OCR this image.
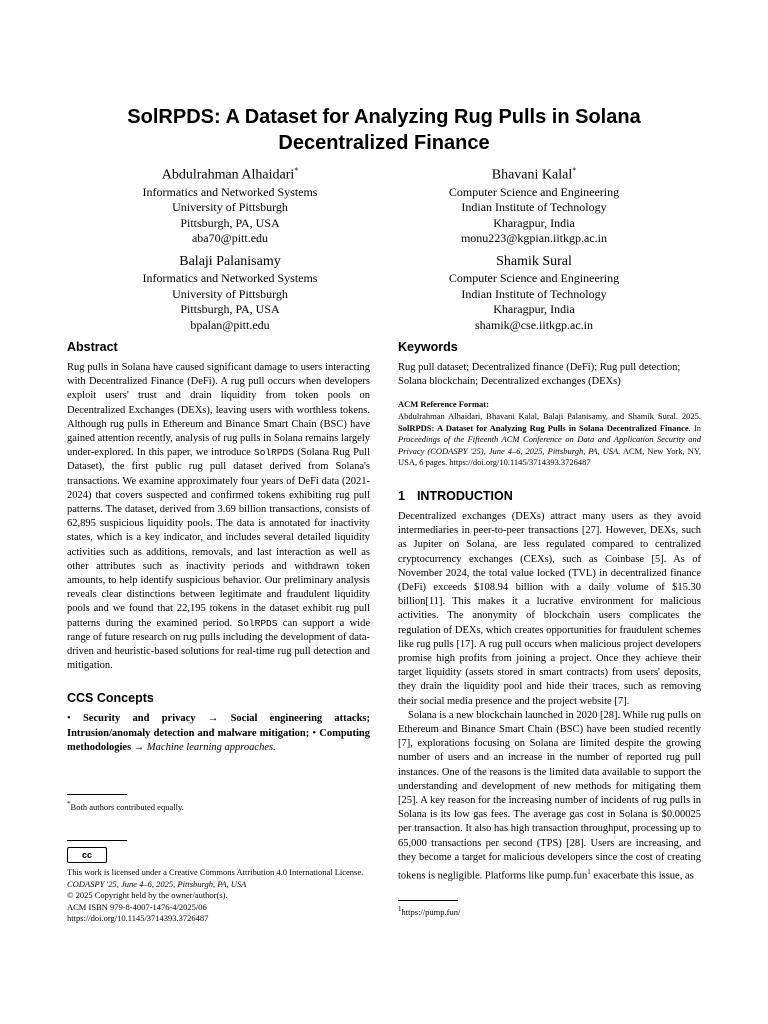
SolRPDS: A Dataset for Analyzing Rug Pulls in Solana Decentralized Finance
Abdulrahman Alhaidari*
Informatics and Networked Systems
University of Pittsburgh
Pittsburgh, PA, USA
aba70@pitt.edu
Bhavani Kalal*
Computer Science and Engineering
Indian Institute of Technology
Kharagpur, India
monu223@kgpian.iitkgp.ac.in
Balaji Palanisamy
Informatics and Networked Systems
University of Pittsburgh
Pittsburgh, PA, USA
bpalan@pitt.edu
Shamik Sural
Computer Science and Engineering
Indian Institute of Technology
Kharagpur, India
shamik@cse.iitkgp.ac.in
Abstract

Rug pulls in Solana have caused significant damage to users interacting with Decentralized Finance (DeFi). A rug pull occurs when developers exploit users' trust and drain liquidity from token pools on Decentralized Exchanges (DEXs), leaving users with worthless tokens. Although rug pulls in Ethereum and Binance Smart Chain (BSC) have gained attention recently, analysis of rug pulls in Solana remains largely under-explored. In this paper, we introduce SolRPDS (Solana Rug Pull Dataset), the first public rug pull dataset derived from Solana's transactions. We examine approximately four years of DeFi data (2021-2024) that covers suspected and confirmed tokens exhibiting rug pull patterns. The dataset, derived from 3.69 billion transactions, consists of 62,895 suspicious liquidity pools. The data is annotated for inactivity states, which is a key indicator, and includes several detailed liquidity activities such as additions, removals, and last interaction as well as other attributes such as inactivity periods and withdrawn token amounts, to help identify suspicious behavior. Our preliminary analysis reveals clear distinctions between legitimate and fraudulent liquidity pools and we found that 22,195 tokens in the dataset exhibit rug pull patterns during the examined period. SolRPDS can support a wide range of future research on rug pulls including the development of data-driven and heuristic-based solutions for real-time rug pull detection and mitigation.

CCS Concepts

• Security and privacy → Social engineering attacks; Intrusion/anomaly detection and malware mitigation; • Computing methodologies → Machine learning approaches.

*Both authors contributed equally.

cc

This work is licensed under a Creative Commons Attribution 4.0 International License.
CODASPY '25, June 4–6, 2025, Pittsburgh, PA, USA
© 2025 Copyright held by the owner/author(s).
ACM ISBN 979-8-4007-1476-4/2025/06
https://doi.org/10.1145/3714393.3726487

Keywords

Rug pull dataset; Decentralized finance (DeFi); Rug pull detection; Solana blockchain; Decentralized exchanges (DEXs)

ACM Reference Format:

Abdulrahman Alhaidari, Bhavani Kalal, Balaji Palanisamy, and Shamik Sural. 2025. SolRPDS: A Dataset for Analyzing Rug Pulls in Solana Decentralized Finance. In Proceedings of the Fifteenth ACM Conference on Data and Application Security and Privacy (CODASPY '25), June 4–6, 2025, Pittsburgh, PA, USA. ACM, New York, NY, USA, 6 pages. https://doi.org/10.1145/3714393.3726487

1 INTRODUCTION

Decentralized exchanges (DEXs) attract many users as they avoid intermediaries in peer-to-peer transactions [27]. However, DEXs, such as Jupiter on Solana, are less regulated compared to centralized cryptocurrency exchanges (CEXs), such as Coinbase [5]. As of November 2024, the total value locked (TVL) in decentralized finance (DeFi) exceeds $108.94 billion with a daily volume of $15.30 billion[11]. This makes it a lucrative environment for malicious activities. The anonymity of blockchain users complicates the regulation of DEXs, which creates opportunities for fraudulent schemes like rug pulls [17]. A rug pull occurs when malicious project developers promise high profits from joining a project. Once they achieve their target liquidity (assets stored in smart contracts) from users' deposits, they drain the liquidity pool and hide their traces, such as removing their social media presence and the project website [7].

Solana is a new blockchain launched in 2020 [28]. While rug pulls on Ethereum and Binance Smart Chain (BSC) have been studied recently [7], explorations focusing on Solana are limited despite the growing number of users and an increase in the number of reported rug pull instances. One of the reasons is the limited data available to support the understanding and development of new methods for mitigating them [25]. A key reason for the increasing number of incidents of rug pulls in Solana is its low gas fees. The average gas cost in Solana is $0.00025 per transaction. It also has high transaction throughput, processing up to 65,000 transactions per second (TPS) [28]. Users are increasing, and they become a target for malicious developers since the cost of creating tokens is negligible. Platforms like pump.fun$^1$ exacerbate this issue, as

$^1$https://pump.fun/
